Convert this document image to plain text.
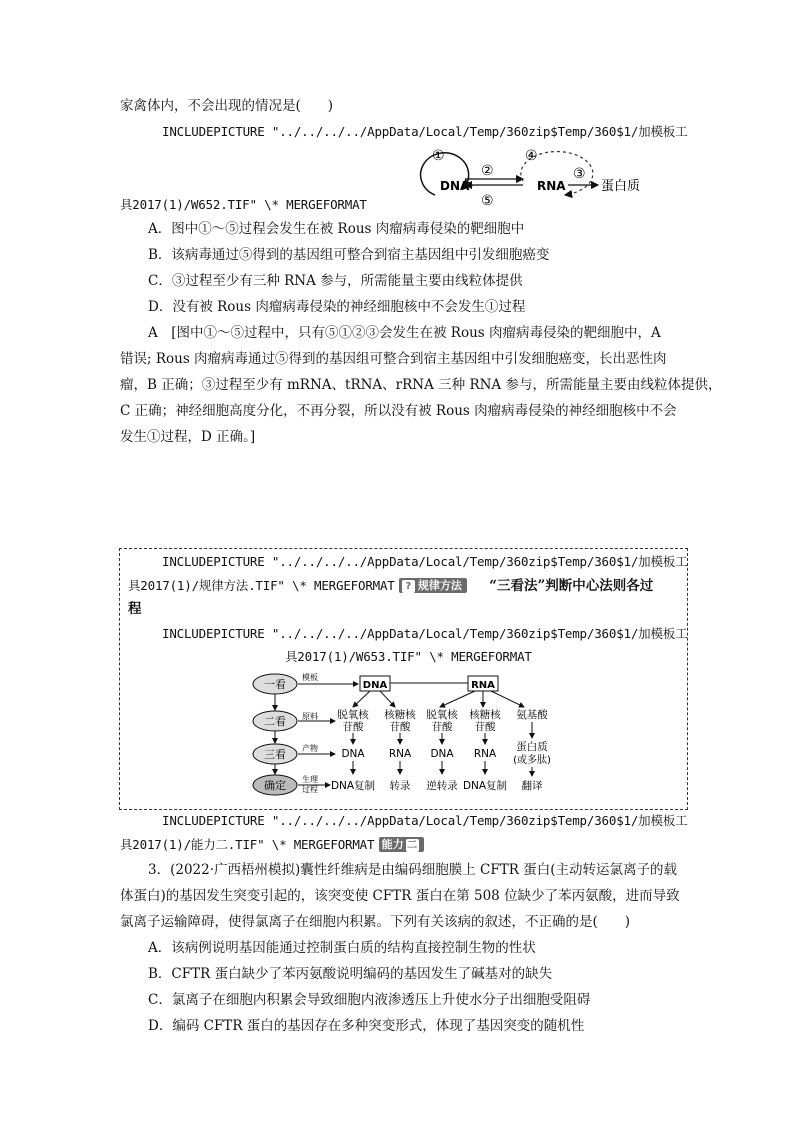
家禽体内，不会出现的情况是(　　)
INCLUDEPICTURE "../../../../AppData/Local/Temp/360zip$Temp/360$1/加模板工
具2017(1)/W652.TIF" \* MERGEFORMAT
①
DNA
②
⑤
④
RNA
③
蛋白质
A．图中①～⑤过程会发生在被 Rous 肉瘤病毒侵染的靶细胞中
B．该病毒通过⑤得到的基因组可整合到宿主基因组中引发细胞癌变
C．③过程至少有三种 RNA 参与，所需能量主要由线粒体提供
D．没有被 Rous 肉瘤病毒侵染的神经细胞核中不会发生①过程
A　[图中①～⑤过程中，只有⑤①②③会发生在被 Rous 肉瘤病毒侵染的靶细胞中，A
错误; Rous 肉瘤病毒通过⑤得到的基因组可整合到宿主基因组中引发细胞癌变，长出恶性肉
瘤，B 正确；③过程至少有 mRNA、tRNA、rRNA 三种 RNA 参与，所需能量主要由线粒体提供，
C 正确；神经细胞高度分化，不再分裂，所以没有被 Rous 肉瘤病毒侵染的神经细胞核中不会
发生①过程，D 正确。]
INCLUDEPICTURE "../../../../AppData/Local/Temp/360zip$Temp/360$1/加模板工
具2017(1)/规律方法.TIF" \* MERGEFORMAT ? 规律方法 “三看法”判断中心法则各过
程
INCLUDEPICTURE "../../../../AppData/Local/Temp/360zip$Temp/360$1/加模板工
具2017(1)/W653.TIF" \* MERGEFORMAT
一看
二看
三看
确定
模板
原料
产物
生理
过程
DNA	RNA
脱氧核
苷酸
核糖核
苷酸
脱氧核
苷酸
核糖核
苷酸
氨基酸
DNA RNA DNA RNA
蛋白质
(或多肽)
DNA复制 转录 逆转录 DNA复制 翻译
INCLUDEPICTURE "../../../../AppData/Local/Temp/360zip$Temp/360$1/加模板工
具2017(1)/能力二.TIF" \* MERGEFORMAT 能力 二
3．(2022·广西梧州模拟)囊性纤维病是由编码细胞膜上 CFTR 蛋白(主动转运氯离子的载
体蛋白)的基因发生突变引起的，该突变使 CFTR 蛋白在第 508 位缺少了苯丙氨酸，进而导致
氯离子运输障碍，使得氯离子在细胞内积累。下列有关该病的叙述，不正确的是(　　)
A．该病例说明基因能通过控制蛋白质的结构直接控制生物的性状
B．CFTR 蛋白缺少了苯丙氨酸说明编码的基因发生了碱基对的缺失
C．氯离子在细胞内积累会导致细胞内液渗透压上升使水分子出细胞受阻碍
D．编码 CFTR 蛋白的基因存在多种突变形式，体现了基因突变的随机性
